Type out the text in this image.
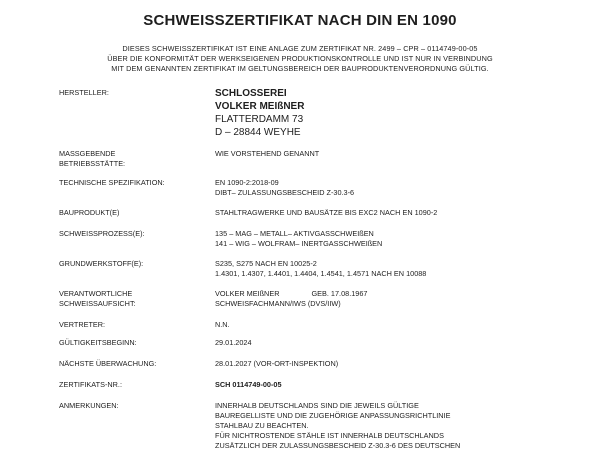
SCHWEISSZERTIFIKAT NACH DIN EN 1090
DIESES SCHWEISSZERTIFIKAT IST EINE ANLAGE ZUM ZERTIFIKAT NR. 2499 – CPR – 0114749-00-05
ÜBER DIE KONFORMITÄT DER WERKSEIGENEN PRODUKTIONSKONTROLLE UND IST NUR IN VERBINDUNG
MIT DEM GENANNTEN ZERTIFIKAT IM GELTUNGSBEREICH DER BAUPRODUKTENVERORDNUNG GÜLTIG.
HERSTELLER:	SCHLOSSEREI
VOLKER MEIßNER
FLATTERDAMM 73
D – 28844 WEYHE
MASSGEBENDE
BETRIEBSSTÄTTE:
WIE VORSTEHEND GENANNT
TECHNISCHE SPEZIFIKATION:	EN 1090-2:2018-09
DIBT– ZULASSUNGSBESCHEID Z-30.3-6
BAUPRODUKT(E)	STAHLTRAGWERKE UND BAUSÄTZE BIS EXC2 NACH EN 1090-2
SCHWEISSPROZESS(E):	135 – MAG – METALL– AKTIVGASSCHWEIßEN
141 – WIG – WOLFRAM– INERTGASSCHWEIßEN
GRUNDWERKSTOFF(E):	S235, S275 NACH EN 10025-2
1.4301, 1.4307, 1.4401, 1.4404, 1.4541, 1.4571 NACH EN 10088
VERANTWORTLICHE
SCHWEISSAUFSICHT:
VOLKER MEIßNER	GEB. 17.08.1967
SCHWEISFACHMANN/IWS (DVS/IIW)
VERTRETER:	N.N.
GÜLTIGKEITSBEGINN:	29.01.2024
NÄCHSTE ÜBERWACHUNG:	28.01.2027 (VOR-ORT-INSPEKTION)
ZERTIFIKATS-NR.:	SCH 0114749-00-05
ANMERKUNGEN:	INNERHALB DEUTSCHLANDS SIND DIE JEWEILS GÜLTIGE
BAUREGELLISTE UND DIE ZUGEHÖRIGE ANPASSUNGSRICHTLINIE
STAHLBAU ZU BEACHTEN.
FÜR NICHTROSTENDE STÄHLE IST INNERHALB DEUTSCHLANDS
ZUSÄTZLICH DER ZULASSUNGSBESCHEID Z-30.3-6 DES DEUTSCHEN
